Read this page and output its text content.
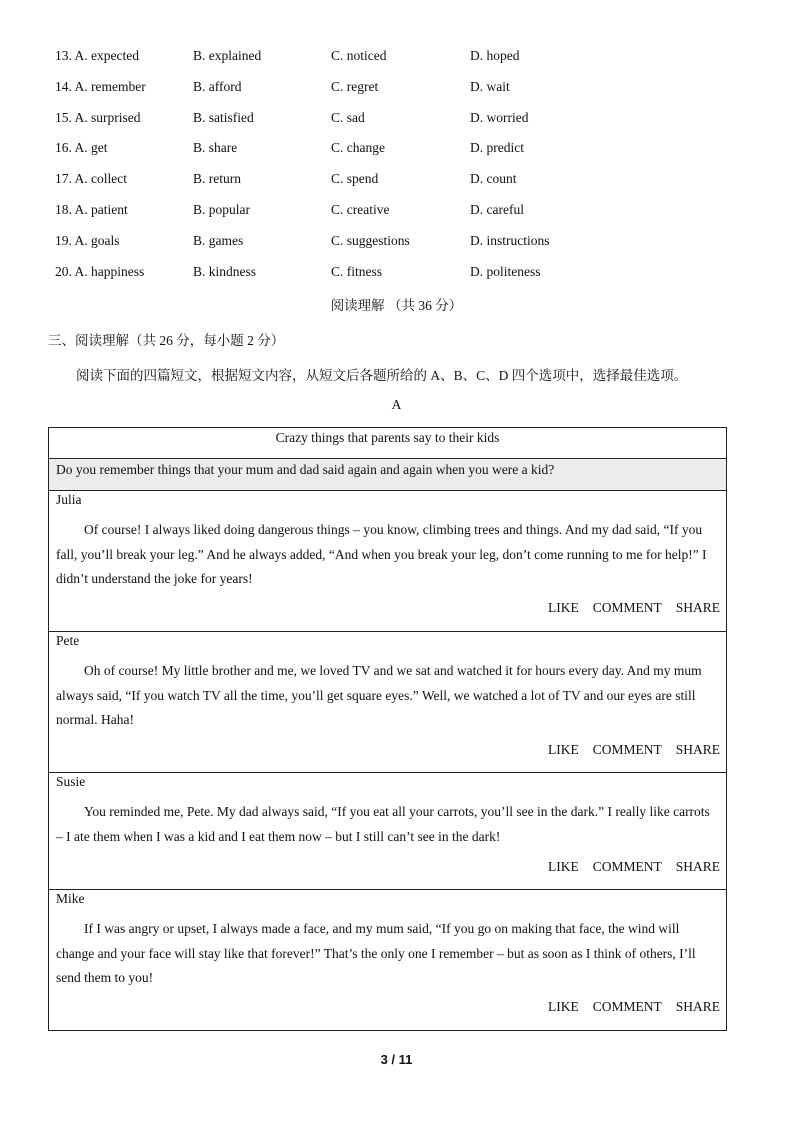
13. A. expected	B. explained	C. noticed	D. hoped
14. A. remember	B. afford	C. regret	D. wait
15. A. surprised	B. satisfied	C. sad	D. worried
16. A. get	B. share	C. change	D. predict
17. A. collect	B. return	C. spend	D. count
18. A. patient	B. popular	C. creative	D. careful
19. A. goals	B. games	C. suggestions	D. instructions
20. A. happiness	B. kindness	C. fitness	D. politeness
阅读理解 （共 36 分）
三、阅读理解（共 26 分，每小题 2 分）
阅读下面的四篇短文，根据短文内容，从短文后各题所给的 A、B、C、D 四个选项中，选择最佳选项。
A
Crazy things that parents say to their kids
Do you remember things that your mum and dad said again and again when you were a kid?
Julia
Of course! I always liked doing dangerous things – you know, climbing trees and things. And my dad said, “If you fall, you’ll break your leg.” And he always added, “And when you break your leg, don’t come running to me for help!” I didn’t understand the joke for years!
LIKE COMMENT SHARE
Pete
Oh of course! My little brother and me, we loved TV and we sat and watched it for hours every day. And my mum always said, “If you watch TV all the time, you’ll get square eyes.” Well, we watched a lot of TV and our eyes are still normal. Haha!
LIKE COMMENT SHARE
Susie
You reminded me, Pete. My dad always said, “If you eat all your carrots, you’ll see in the dark.” I really like carrots – I ate them when I was a kid and I eat them now – but I still can’t see in the dark!
LIKE COMMENT SHARE
Mike
If I was angry or upset, I always made a face, and my mum said, “If you go on making that face, the wind will change and your face will stay like that forever!” That’s the only one I remember – but as soon as I think of others, I’ll send them to you!
LIKE COMMENT SHARE
3 / 11
